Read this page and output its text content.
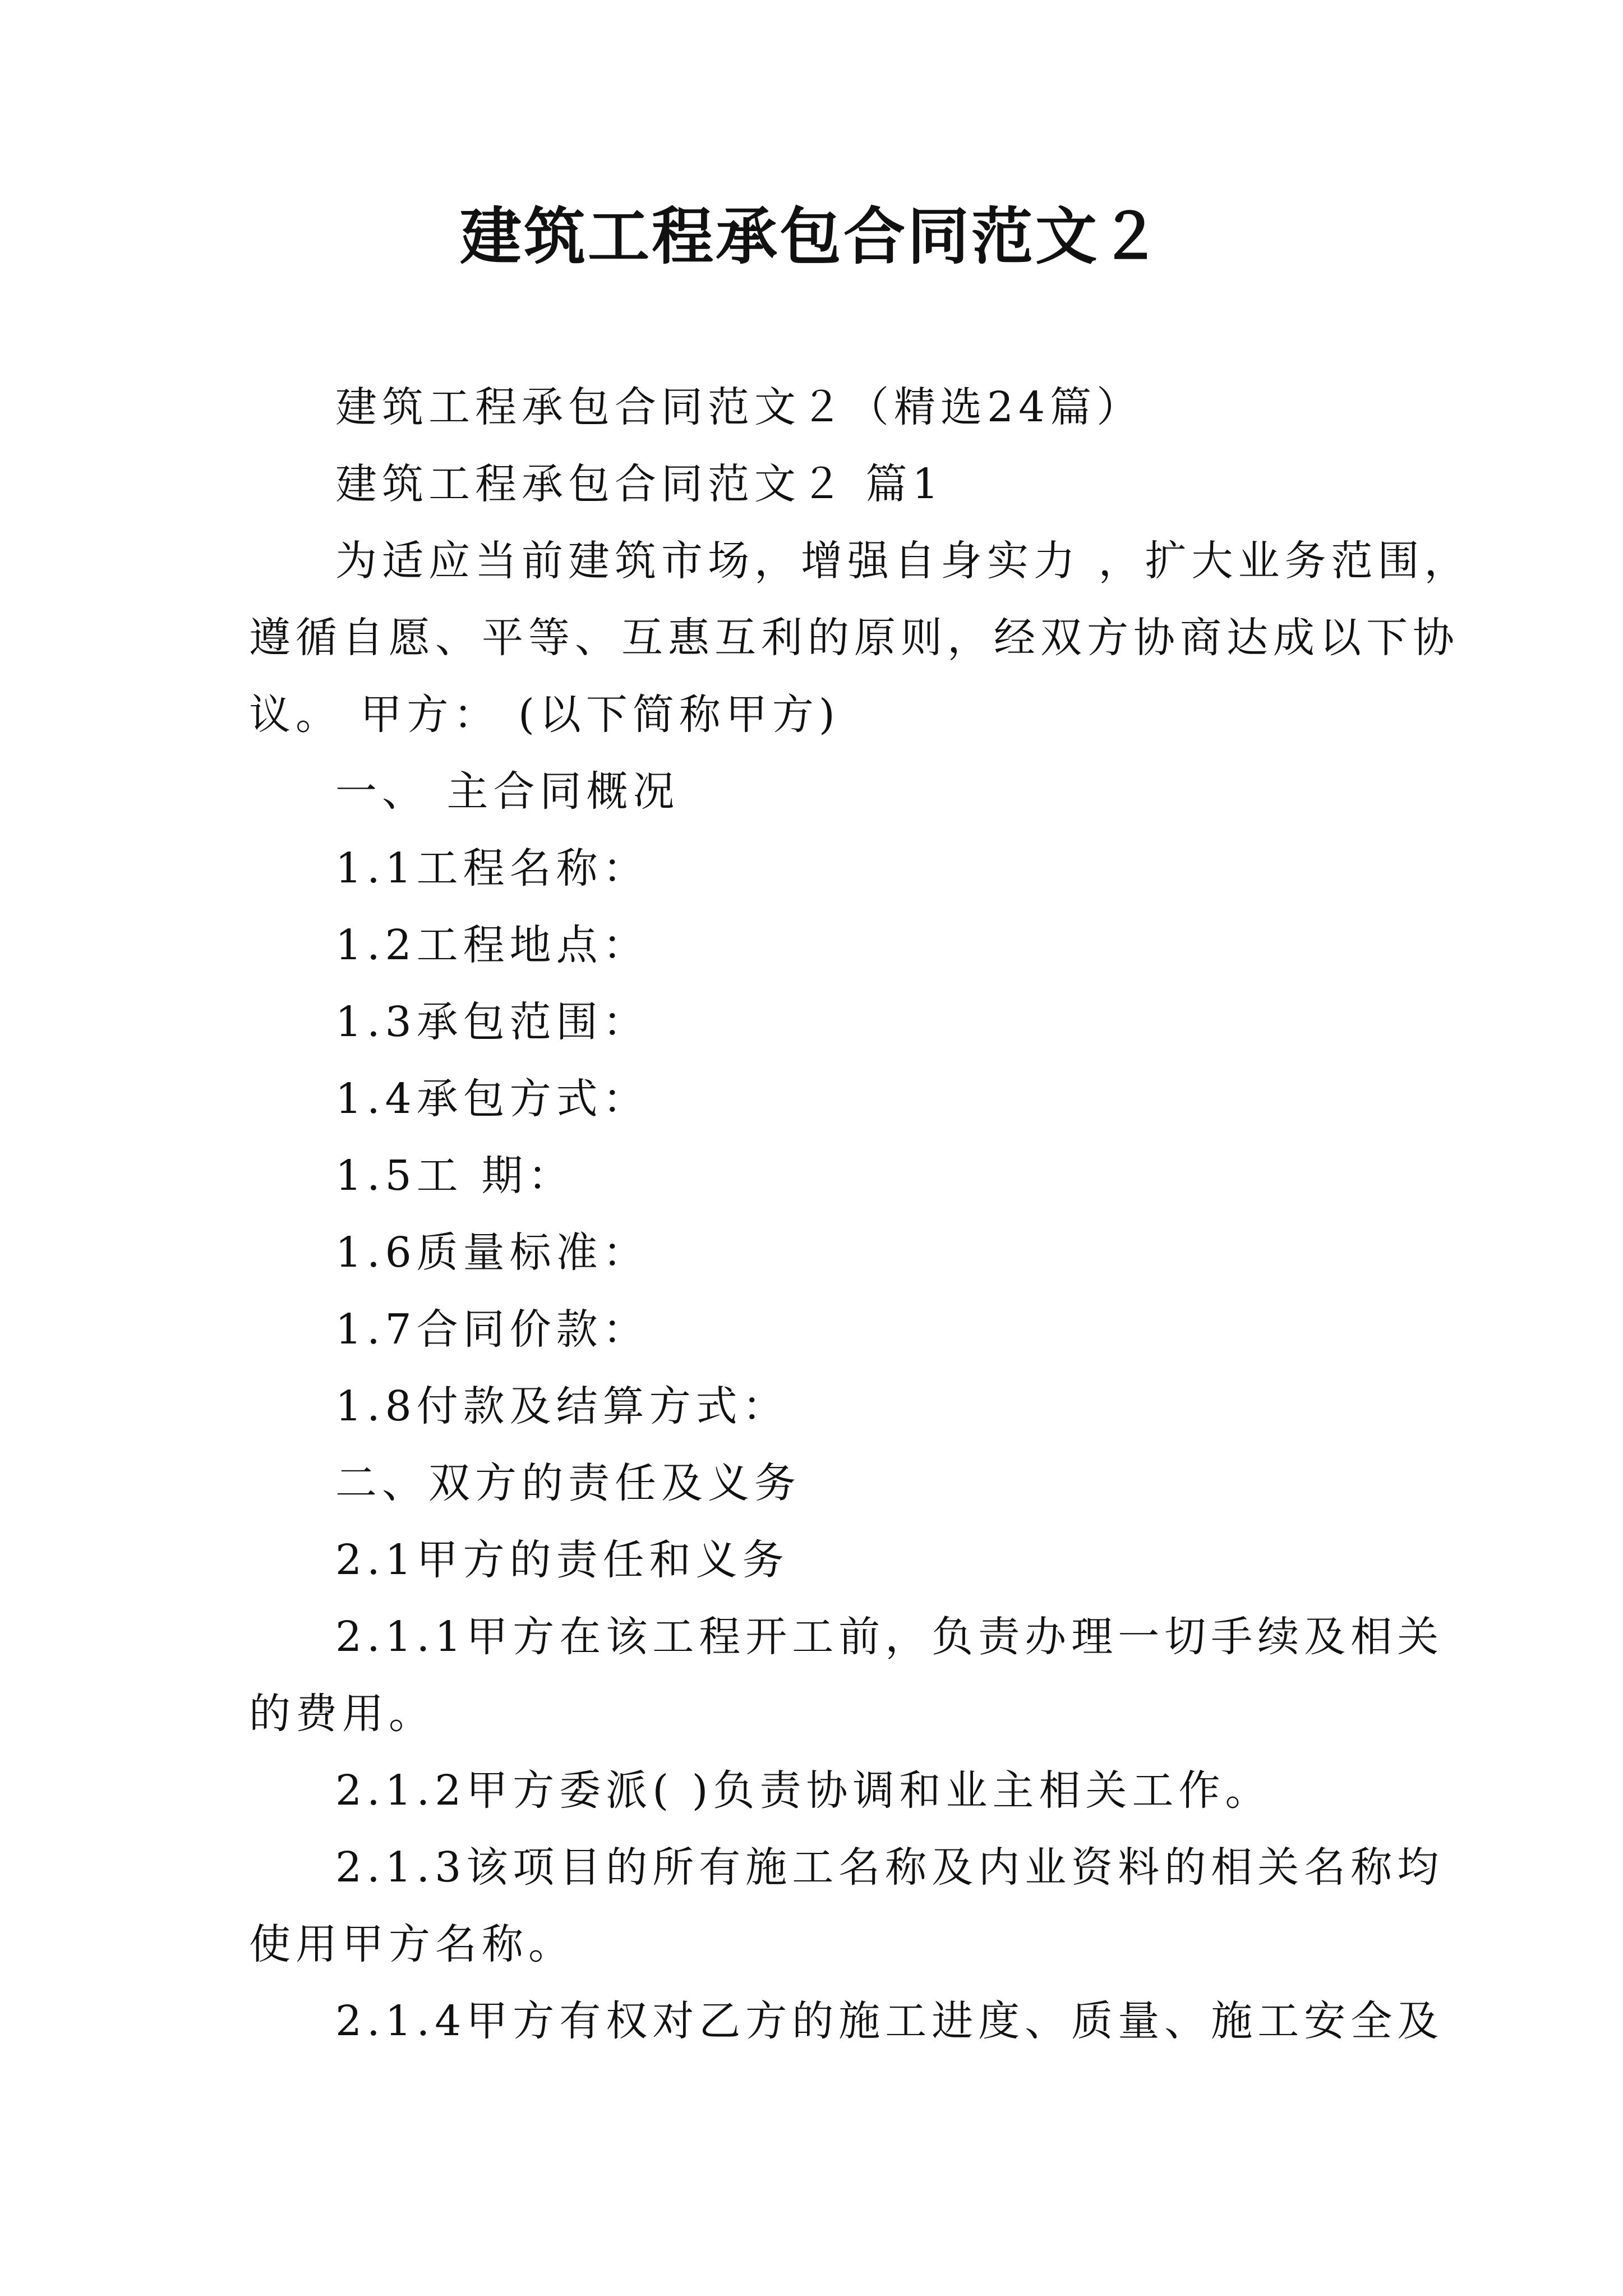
建筑工程承包合同范文２
建筑工程承包合同范文２（精选24篇）
建筑工程承包合同范文２ 篇1
为适应当前建筑市场，增强自身实力 ，扩大业务范围，
遵循自愿、平等、互惠互利的原则，经双方协商达成以下协
议。 甲方： (以下简称甲方)
一、 主合同概况
1.1工程名称：
1.2工程地点：
1.3承包范围：
1.4承包方式：
1.5工 期：
1.6质量标准：
1.7合同价款：
1.8付款及结算方式：
二、双方的责任及义务
2.1甲方的责任和义务
2.1.1甲方在该工程开工前，负责办理一切手续及相关
的费用。
2.1.2甲方委派( )负责协调和业主相关工作。
2.1.3该项目的所有施工名称及内业资料的相关名称均
使用甲方名称。
2.1.4甲方有权对乙方的施工进度、质量、施工安全及
